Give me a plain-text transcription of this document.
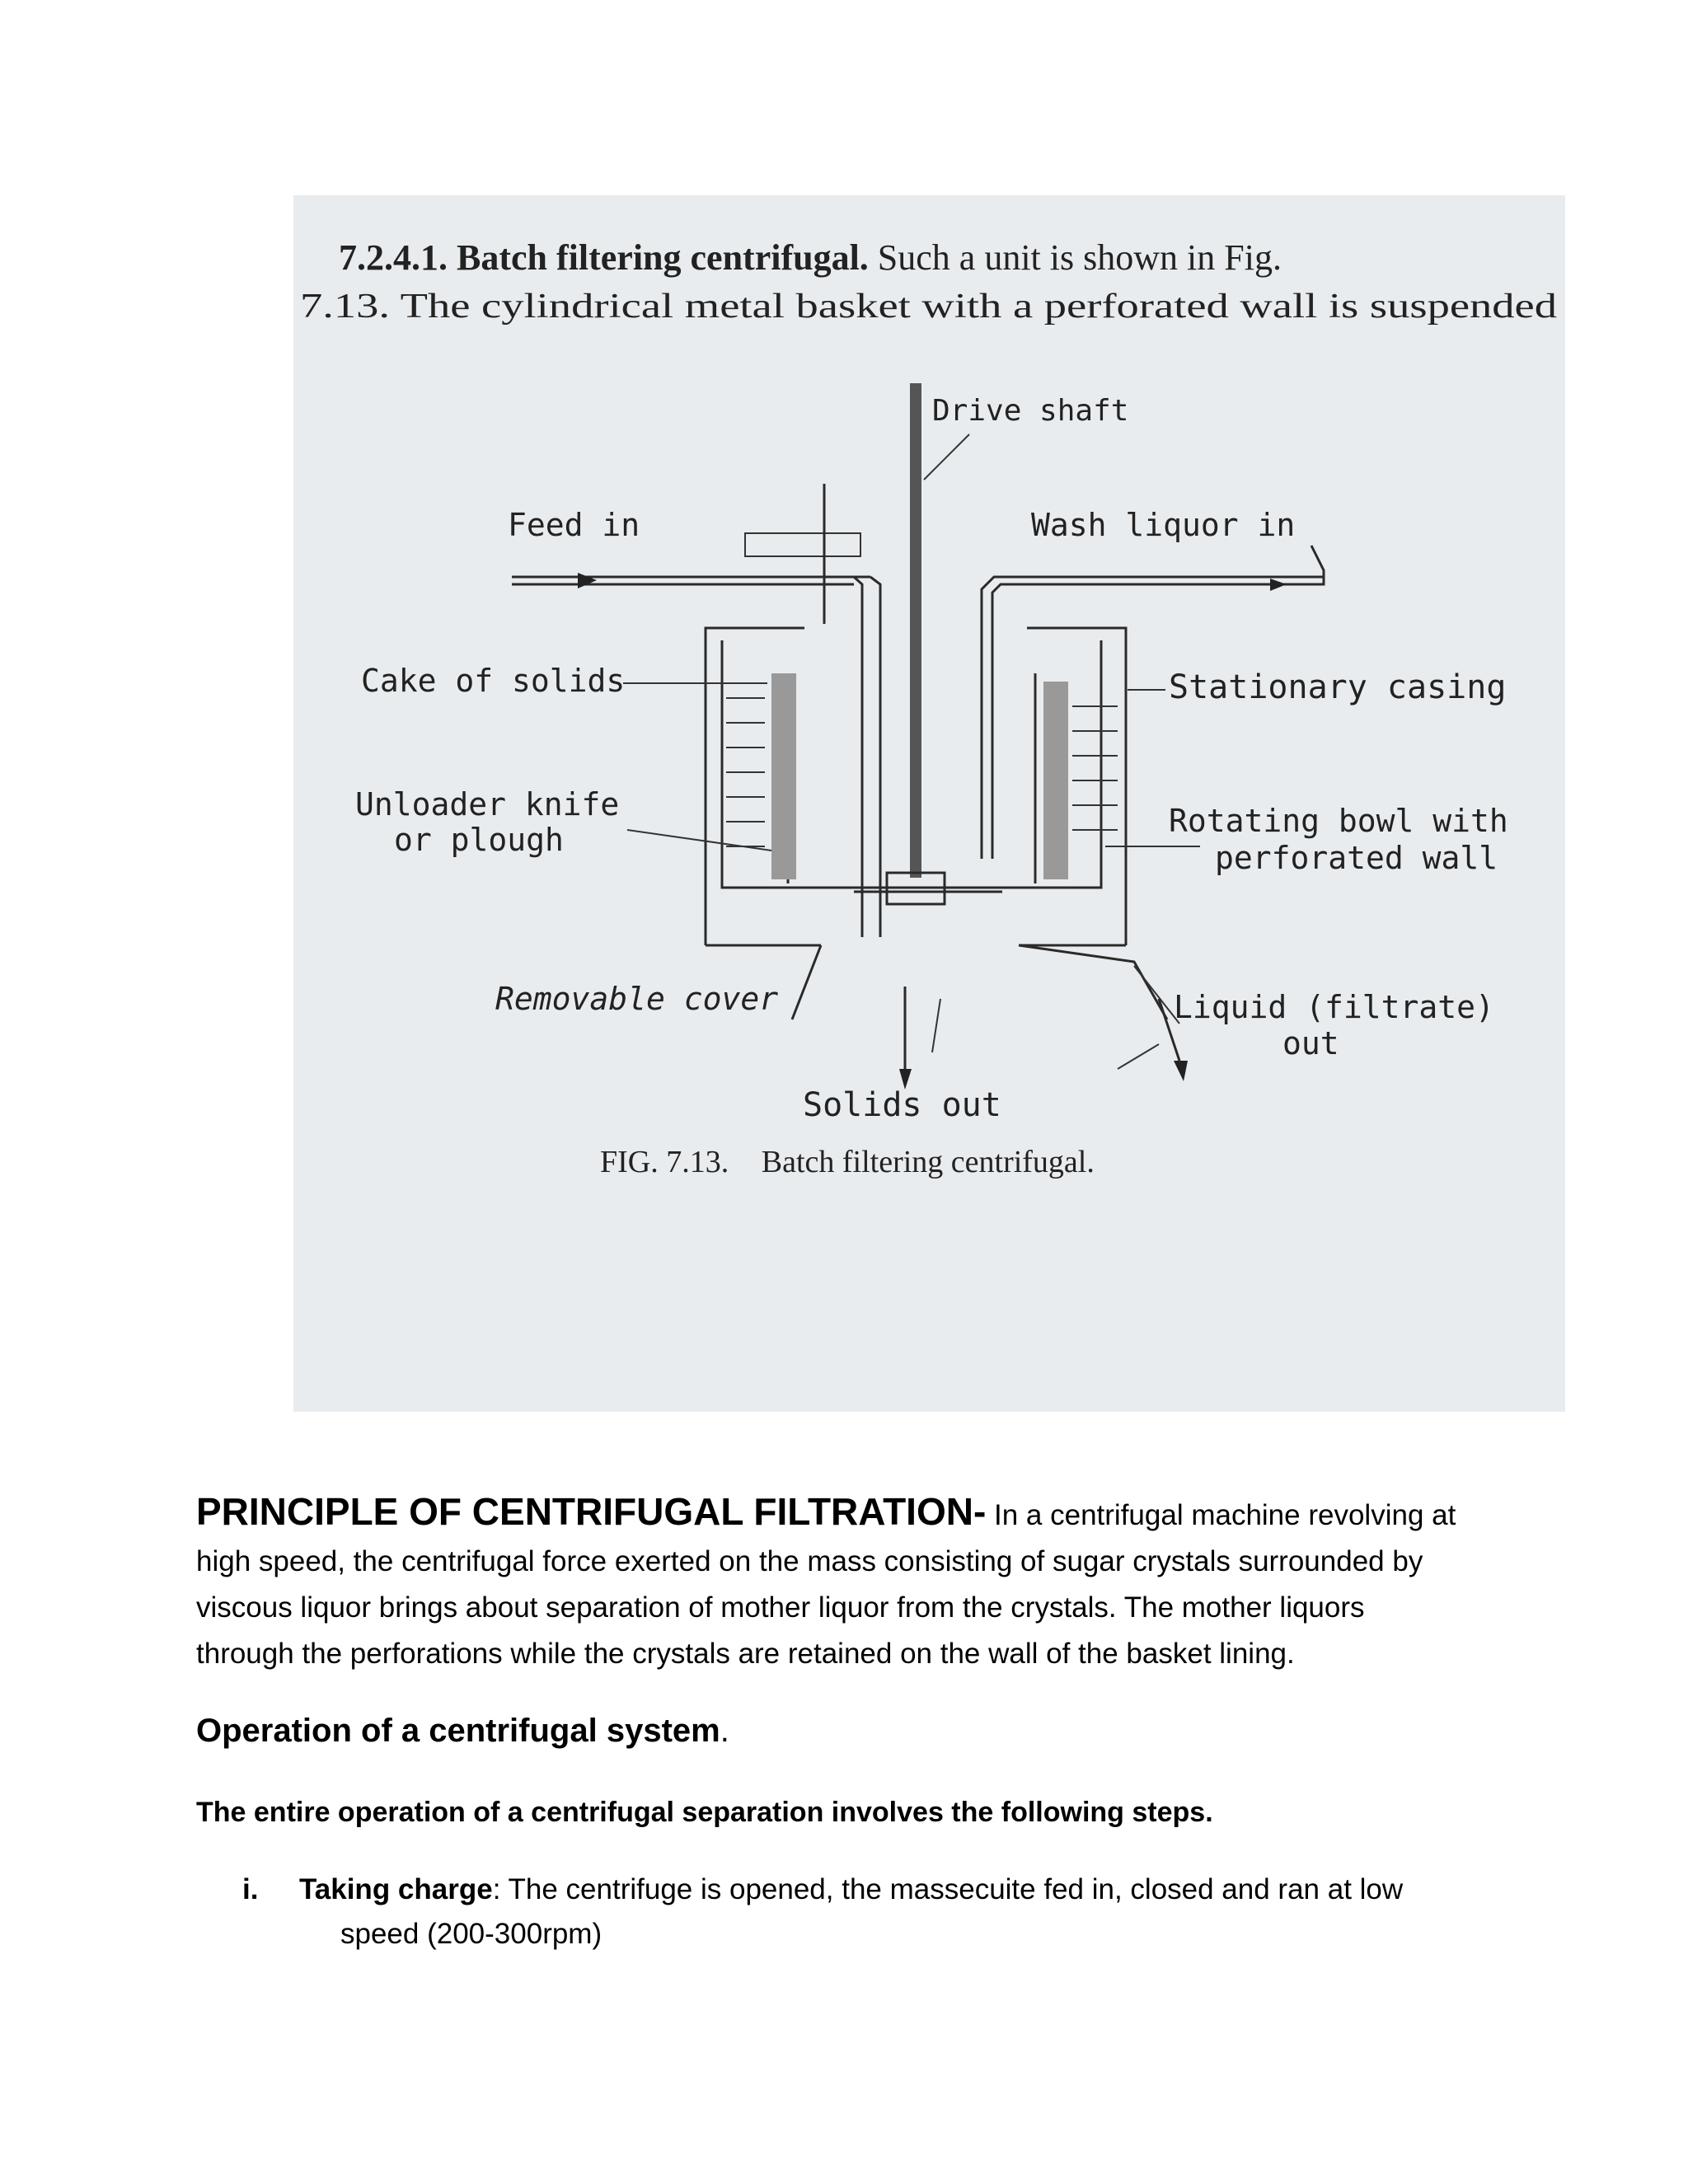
7.2.4.1. Batch filtering centrifugal. Such a unit is shown in Fig.
7.13. The cylindrical metal basket with a perforated wall is suspended
Drive shaft
Feed in	Wash liquor in
Cake of solids	Stationary casing
Unloader knife
or plough
Rotating bowl with
perforated wall
Removable cover	Liquid (filtrate)
out
Solids out
FIG. 7.13. Batch filtering centrifugal.
PRINCIPLE OF CENTRIFUGAL FILTRATION- In a centrifugal machine revolving at
high speed, the centrifugal force exerted on the mass consisting of sugar crystals surrounded by
viscous liquor brings about separation of mother liquor from the crystals. The mother liquors
through the perforations while the crystals are retained on the wall of the basket lining.
Operation of a centrifugal system.
The entire operation of a centrifugal separation involves the following steps.
i. Taking charge: The centrifuge is opened, the massecuite fed in, closed and ran at low
speed (200-300rpm)
